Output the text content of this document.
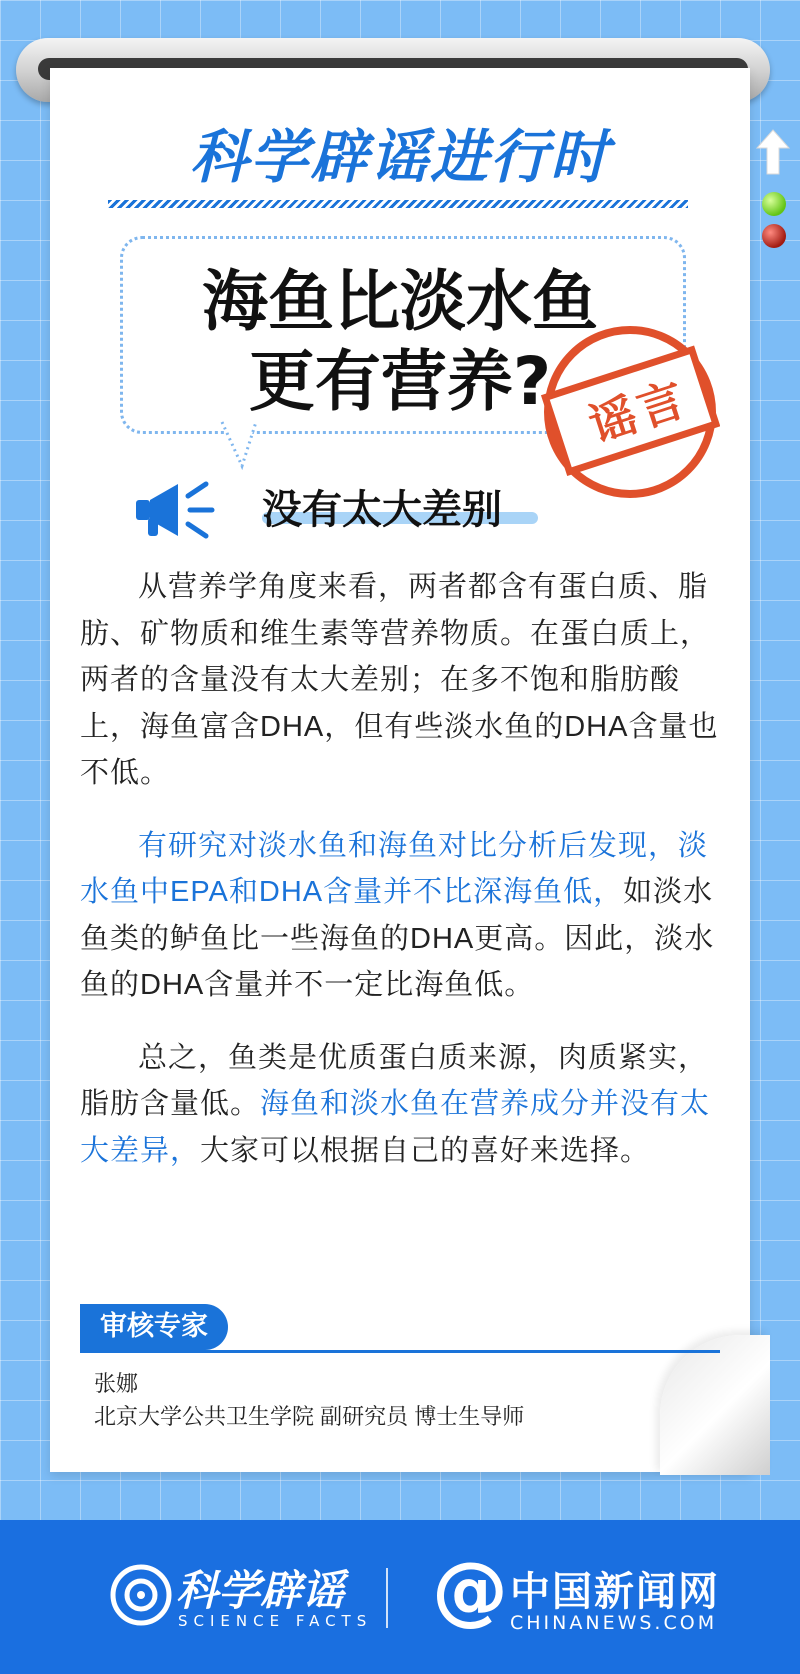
科学辟谣进行时
海鱼比淡水鱼
更有营养? 谣言
没有太大差别

从营养学角度来看，两者都含有蛋白质、脂肪、矿物质和维生素等营养物质。在蛋白质上，两者的含量没有太大差别；在多不饱和脂肪酸上，海鱼富含DHA，但有些淡水鱼的DHA含量也不低。

有研究对淡水鱼和海鱼对比分析后发现，淡水鱼中EPA和DHA含量并不比深海鱼低，如淡水鱼类的鲈鱼比一些海鱼的DHA更高。因此，淡水鱼的DHA含量并不一定比海鱼低。

总之，鱼类是优质蛋白质来源，肉质紧实，脂肪含量低。海鱼和淡水鱼在营养成分并没有太大差异，大家可以根据自己的喜好来选择。

审核专家
张娜
北京大学公共卫生学院 副研究员 博士生导师
科学辟谣
SCIENCE FACTS @ 中国新闻网
CHINANEWS.COM
